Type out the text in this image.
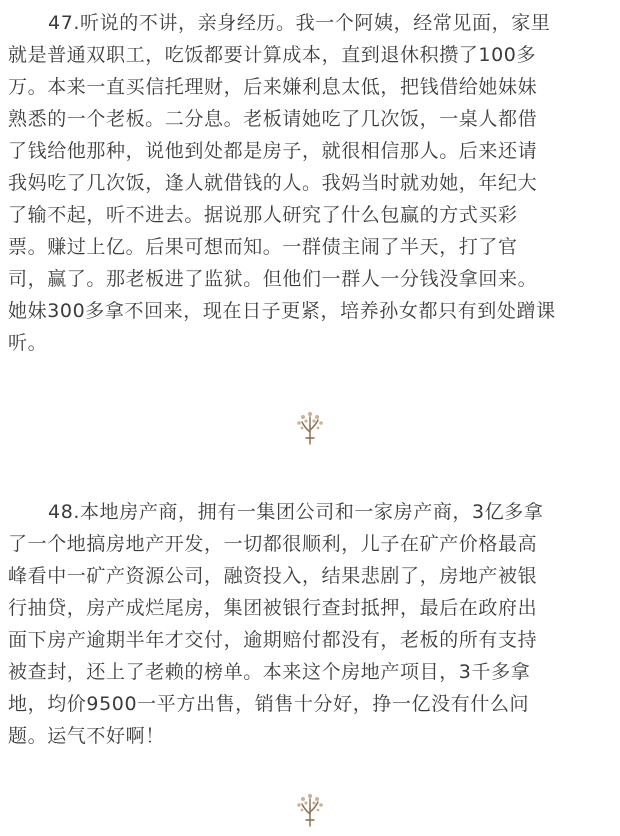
47.听说的不讲，亲身经历。我一个阿姨，经常见面，家里
就是普通双职工，吃饭都要计算成本，直到退休积攒了100多
万。本来一直买信托理财，后来嫌利息太低，把钱借给她妹妹
熟悉的一个老板。二分息。老板请她吃了几次饭，一桌人都借
了钱给他那种，说他到处都是房子，就很相信那人。后来还请
我妈吃了几次饭，逢人就借钱的人。我妈当时就劝她，年纪大
了输不起，听不进去。据说那人研究了什么包赢的方式买彩
票。赚过上亿。后果可想而知。一群债主闹了半天，打了官
司，赢了。那老板进了监狱。但他们一群人一分钱没拿回来。
她妹300多拿不回来，现在日子更紧，培养孙女都只有到处蹭课
听。
48.本地房产商，拥有一集团公司和一家房产商，3亿多拿
了一个地搞房地产开发，一切都很顺利，儿子在矿产价格最高
峰看中一矿产资源公司，融资投入，结果悲剧了，房地产被银
行抽贷，房产成烂尾房，集团被银行查封抵押，最后在政府出
面下房产逾期半年才交付，逾期赔付都没有，老板的所有支持
被查封，还上了老赖的榜单。本来这个房地产项目，3千多拿
地，均价9500一平方出售，销售十分好，挣一亿没有什么问
题。运气不好啊！
